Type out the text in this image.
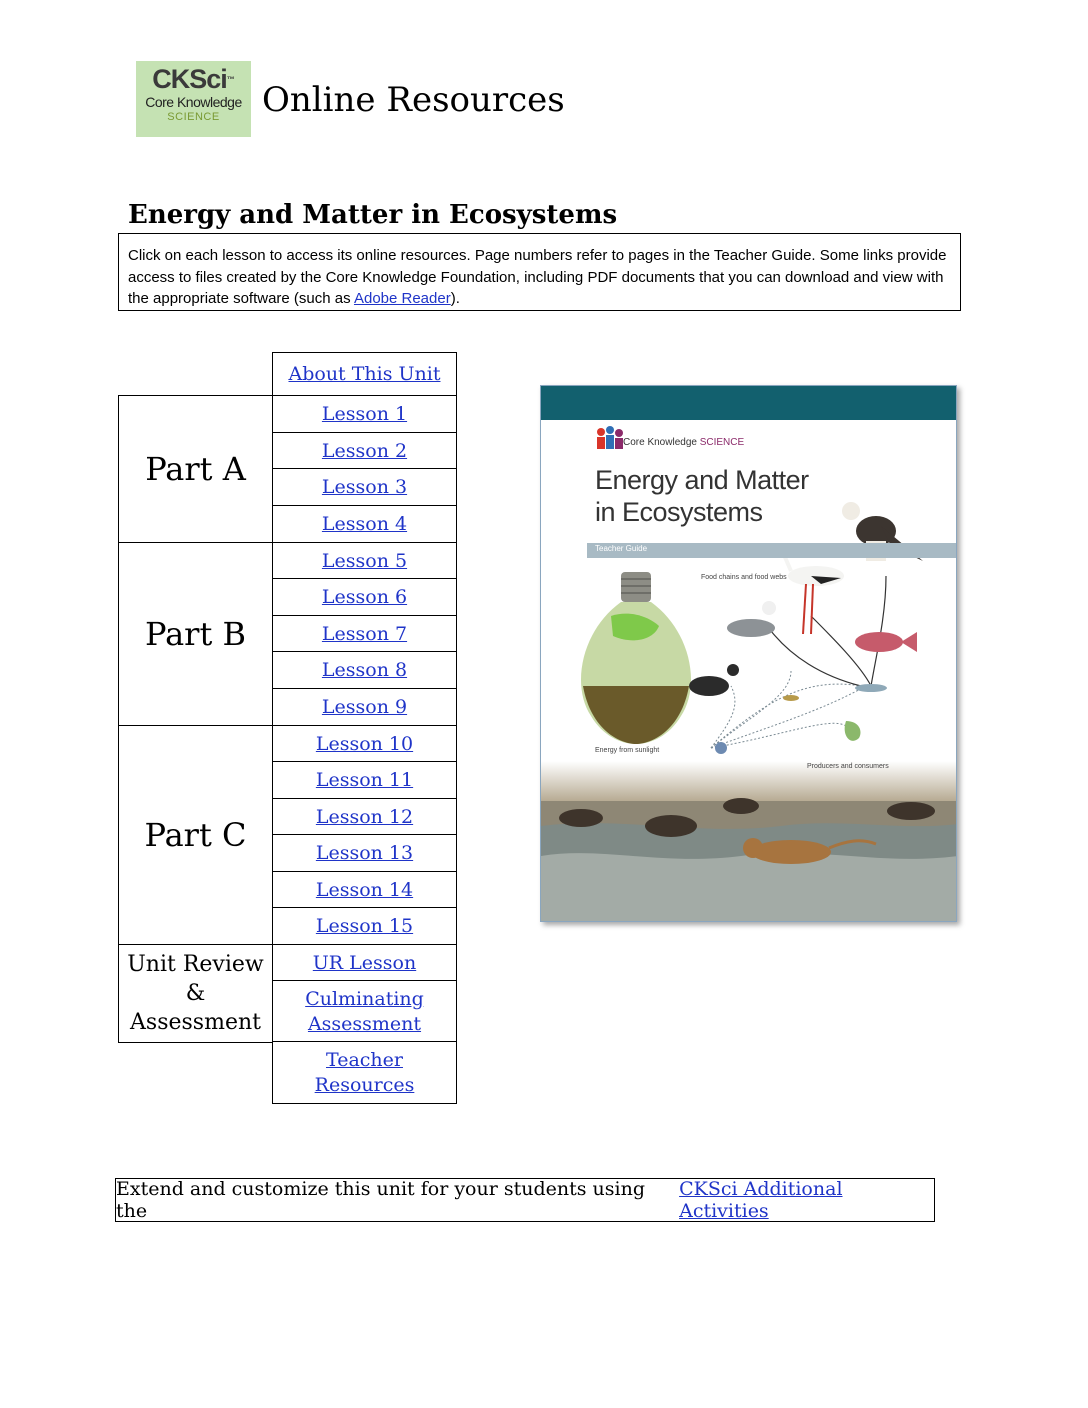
CKSci™
Core Knowledge
SCIENCE	Online Resources
Energy and Matter in Ecosystems
Click on each lesson to access its online resources. Page numbers refer to pages in the Teacher Guide. Some links provide access to files created by the Core Knowledge Foundation, including PDF documents that you can download and view with the appropriate software (such as Adobe Reader).
Part A
Part B
Part C
Unit Review
&
Assessment
About This Unit
Lesson 1
Lesson 2
Lesson 3
Lesson 4
Lesson 5
Lesson 6
Lesson 7
Lesson 8
Lesson 9
Lesson 10
Lesson 11
Lesson 12
Lesson 13
Lesson 14
Lesson 15
UR Lesson
Culminating
Assessment
Teacher
Resources
Core Knowledge SCIENCE
Energy and Matter
in Ecosystems
Teacher Guide
Food chains and food webs
Energy from sunlight
Producers and consumers
Extend and customize this unit for your students using the
CKSci Additional Activities
